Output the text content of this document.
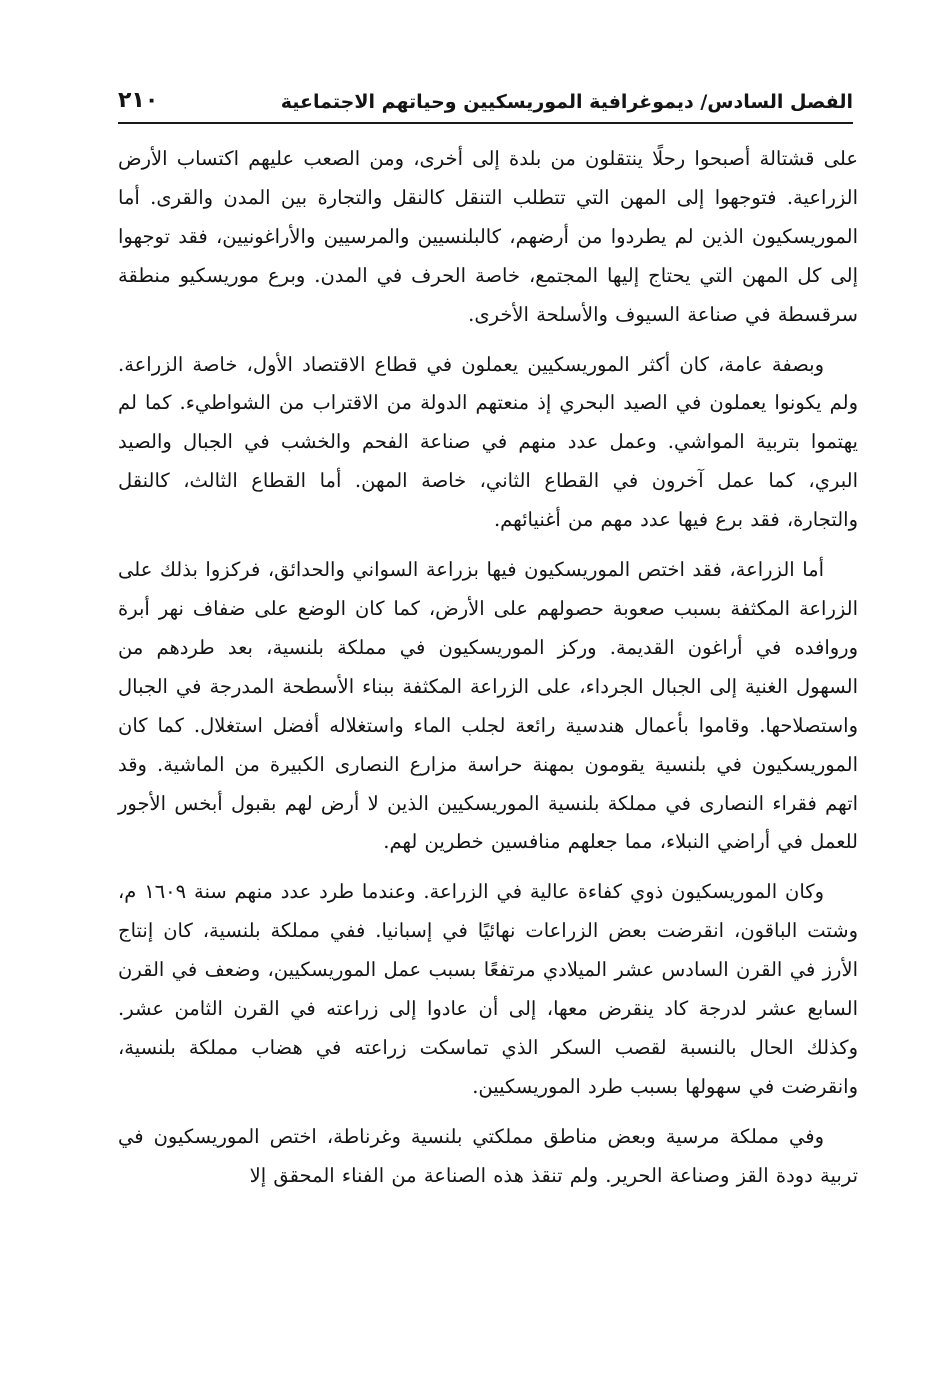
الفصل السادس/ ديموغرافية الموريسكيين وحياتهم الاجتماعية
٢١٠

على قشتالة أصبحوا رحلًا ينتقلون من بلدة إلى أخرى، ومن الصعب عليهم اكتساب الأرض الزراعية. فتوجهوا إلى المهن التي تتطلب التنقل كالنقل والتجارة بين المدن والقرى. أما الموريسكيون الذين لم يطردوا من أرضهم، كالبلنسيين والمرسيين والأراغونيين، فقد توجهوا إلى كل المهن التي يحتاج إليها المجتمع، خاصة الحرف في المدن. وبرع موريسكيو منطقة سرقسطة في صناعة السيوف والأسلحة الأخرى.

وبصفة عامة، كان أكثر الموريسكيين يعملون في قطاع الاقتصاد الأول، خاصة الزراعة. ولم يكونوا يعملون في الصيد البحري إذ منعتهم الدولة من الاقتراب من الشواطيء. كما لم يهتموا بتربية المواشي. وعمل عدد منهم في صناعة الفحم والخشب في الجبال والصيد البري، كما عمل آخرون في القطاع الثاني، خاصة المهن. أما القطاع الثالث، كالنقل والتجارة، فقد برع فيها عدد مهم من أغنيائهم.

أما الزراعة، فقد اختص الموريسكيون فيها بزراعة السواني والحدائق، فركزوا بذلك على الزراعة المكثفة بسبب صعوبة حصولهم على الأرض، كما كان الوضع على ضفاف نهر أبرة وروافده في أراغون القديمة. وركز الموريسكيون في مملكة بلنسية، بعد طردهم من السهول الغنية إلى الجبال الجرداء، على الزراعة المكثفة ببناء الأسطحة المدرجة في الجبال واستصلاحها. وقاموا بأعمال هندسية رائعة لجلب الماء واستغلاله أفضل استغلال. كما كان الموريسكيون في بلنسية يقومون بمهنة حراسة مزارع النصارى الكبيرة من الماشية. وقد اتهم فقراء النصارى في مملكة بلنسية الموريسكيين الذين لا أرض لهم بقبول أبخس الأجور للعمل في أراضي النبلاء، مما جعلهم منافسين خطرين لهم.

وكان الموريسكيون ذوي كفاءة عالية في الزراعة. وعندما طرد عدد منهم سنة ١٦٠٩ م، وشتت الباقون، انقرضت بعض الزراعات نهائيًا في إسبانيا. ففي مملكة بلنسية، كان إنتاج الأرز في القرن السادس عشر الميلادي مرتفعًا بسبب عمل الموريسكيين، وضعف في القرن السابع عشر لدرجة كاد ينقرض معها، إلى أن عادوا إلى زراعته في القرن الثامن عشر. وكذلك الحال بالنسبة لقصب السكر الذي تماسكت زراعته في هضاب مملكة بلنسية، وانقرضت في سهولها بسبب طرد الموريسكيين.

وفي مملكة مرسية وبعض مناطق مملكتي بلنسية وغرناطة، اختص الموريسكيون في تربية دودة القز وصناعة الحرير. ولم تنقذ هذه الصناعة من الفناء المحقق إلا
